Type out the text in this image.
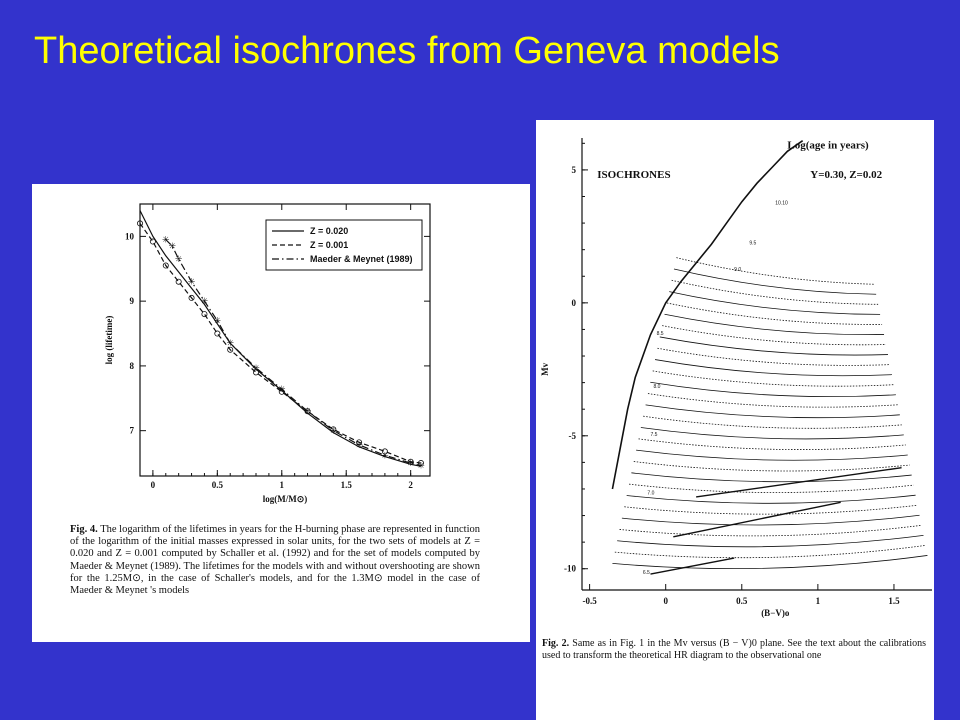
Theoretical isochrones from Geneva models
0	0.5	1	1.5	2
7
8
9
10
log(M/M⊙)
log (lifetime)
✳
✳
✳
✳
✳
✳
✳
✳
✳
✳
✳
✳
✳
✳ ✳
Z = 0.020
Z = 0.001
Maeder & Meynet (1989)
Fig. 4. The logarithm of the lifetimes in years for the H-burning phase are represented in function of the logarithm of the initial masses expressed in solar units, for the two sets of models at Z = 0.020 and Z = 0.001 computed by Schaller et al. (1992) and for the set of models computed by Maeder & Meynet (1989). The lifetimes for the models with and without overshooting are shown for the 1.25M⊙, in the case of Schaller's models, and for the 1.3M⊙ model in the case of Maeder & Meynet 's models
-0.5	0	0.5	1	1.5
-10
-5
0
5
(B−V)o
Mv
6.5
7.0
7.5
8.0
8.5
9.0
9.5
10.10
ISOCHRONES	Y=0.30, Z=0.02
Log(age in years)
Fig. 2. Same as in Fig. 1 in the Mv versus (B − V)0 plane. See the text about the calibrations used to transform the theoretical HR diagram to the observational one
